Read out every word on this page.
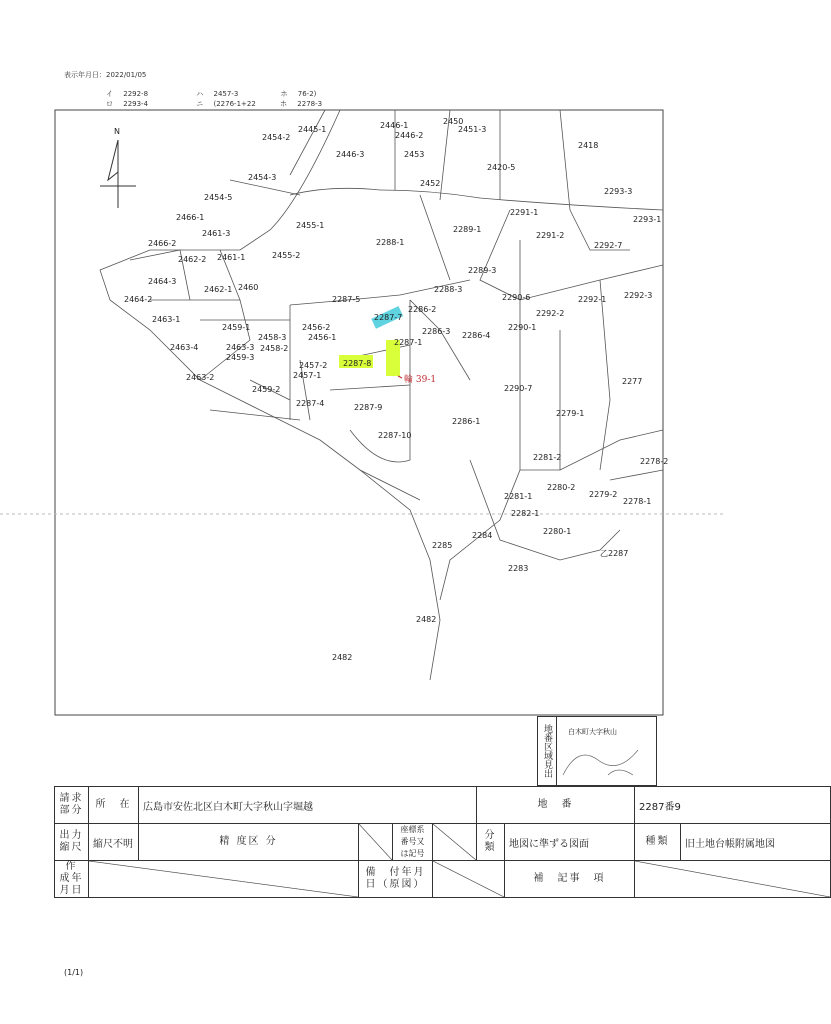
表示年月日：2022/01/05
イ 2292-8	ハ 2457-3	ホ 76-2)
ロ 2293-4	ニ (2276-1+22	ホ 2278-3
N
輪 39-1
2445-1	2446-1
2446-2
2446-3
2450
2451-3
2418
2453
2420-5
2452
2454-2
2454-3
2454-5
2293-3
2293-1
2291-1
2291-2
2292-7
2289-1
2288-1
2455-1
2466-1
2466-2
2461-3
2462-2 2461-1	2455-2
2464-3
2460
2462-1
2464-2
2463-1
2287-5
2289-3
2290-6
2292-2
2292-1 2292-3
2288-3
2286-2
2286-3
2287-7
2290-1
2459-1	2456-2
2456-1
2458-3
2463-4	2463-3
2459-3
2458-2
2287-8
2287-1
2286-4
2463-2	2457-1
2457-2
2290-7
2277
2459-2
2287-4	2287-9
2279-1
2286-1
2287-10
2278-2
2281-2
2281-1
2280-2
2279-2
2278-1
2282-1
2284	2280-1
2285
乙2287
2283
2482
2482
地番区域見出	白木町大字秋山
請求部分	所　在	広島市安佐北区白木町大字秋山字堀越				地　番		2287番9	
出力縮尺	縮尺不明	精 度区 分		座標系番号又は記号		分類	地図に準ずる図面	種類	旧土地台帳附属地図
作　成年月日			備　付年月日（原図）				補　記事　項		
(1/1)
